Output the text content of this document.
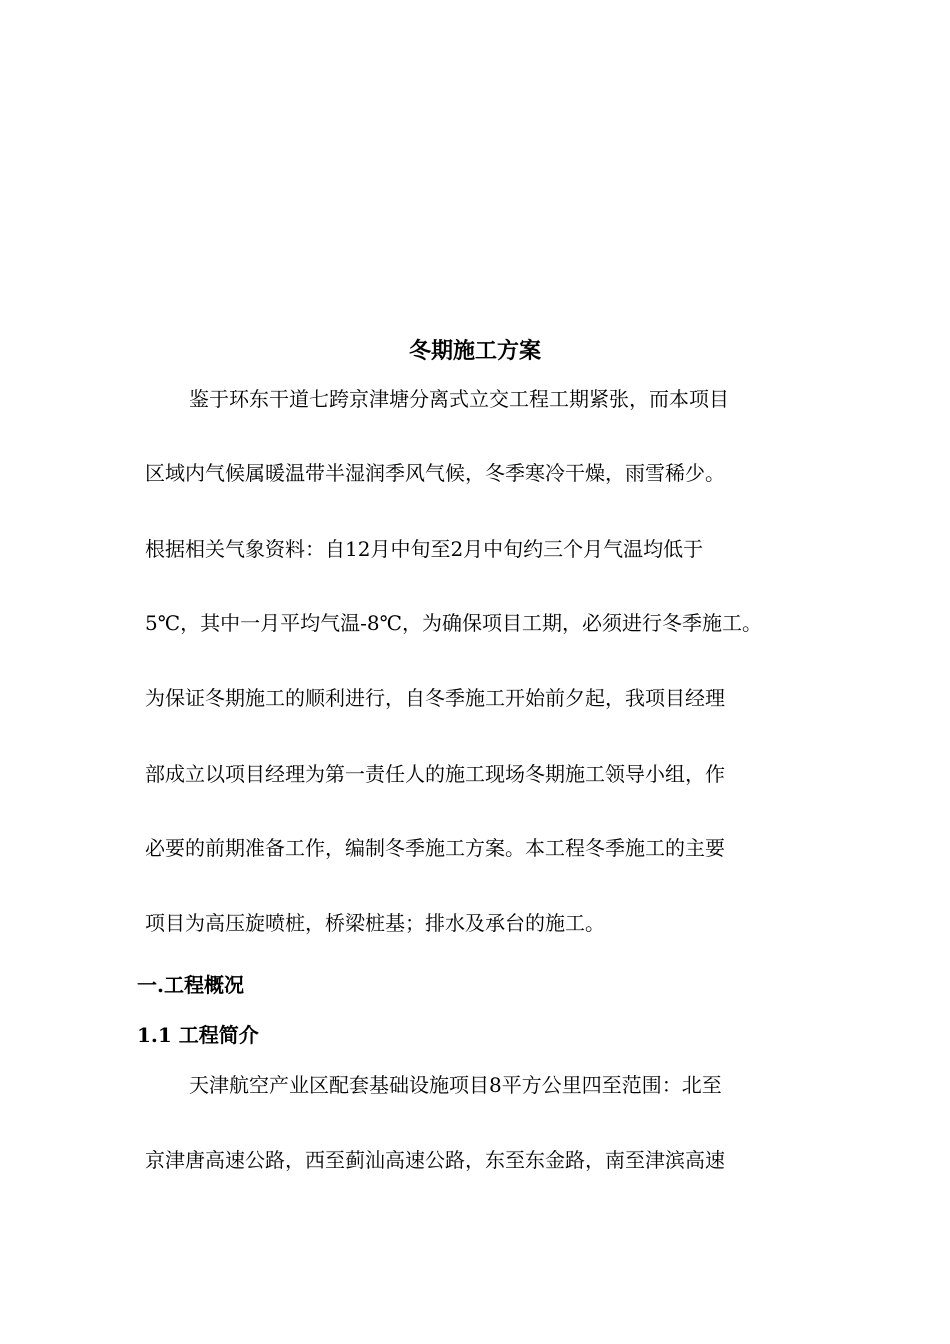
冬期施工方案
鉴于环东干道七跨京津塘分离式立交工程工期紧张，而本项目
区域内气候属暖温带半湿润季风气候，冬季寒冷干燥，雨雪稀少。
根据相关气象资料：自12月中旬至2月中旬约三个月气温均低于
5℃，其中一月平均气温-8℃，为确保项目工期，必须进行冬季施工。
为保证冬期施工的顺利进行，自冬季施工开始前夕起，我项目经理
部成立以项目经理为第一责任人的施工现场冬期施工领导小组，作
必要的前期准备工作，编制冬季施工方案。本工程冬季施工的主要
项目为高压旋喷桩，桥梁桩基；排水及承台的施工。
一.工程概况
1.1 工程简介
天津航空产业区配套基础设施项目8平方公里四至范围：北至
京津唐高速公路，西至蓟汕高速公路，东至东金路，南至津滨高速
